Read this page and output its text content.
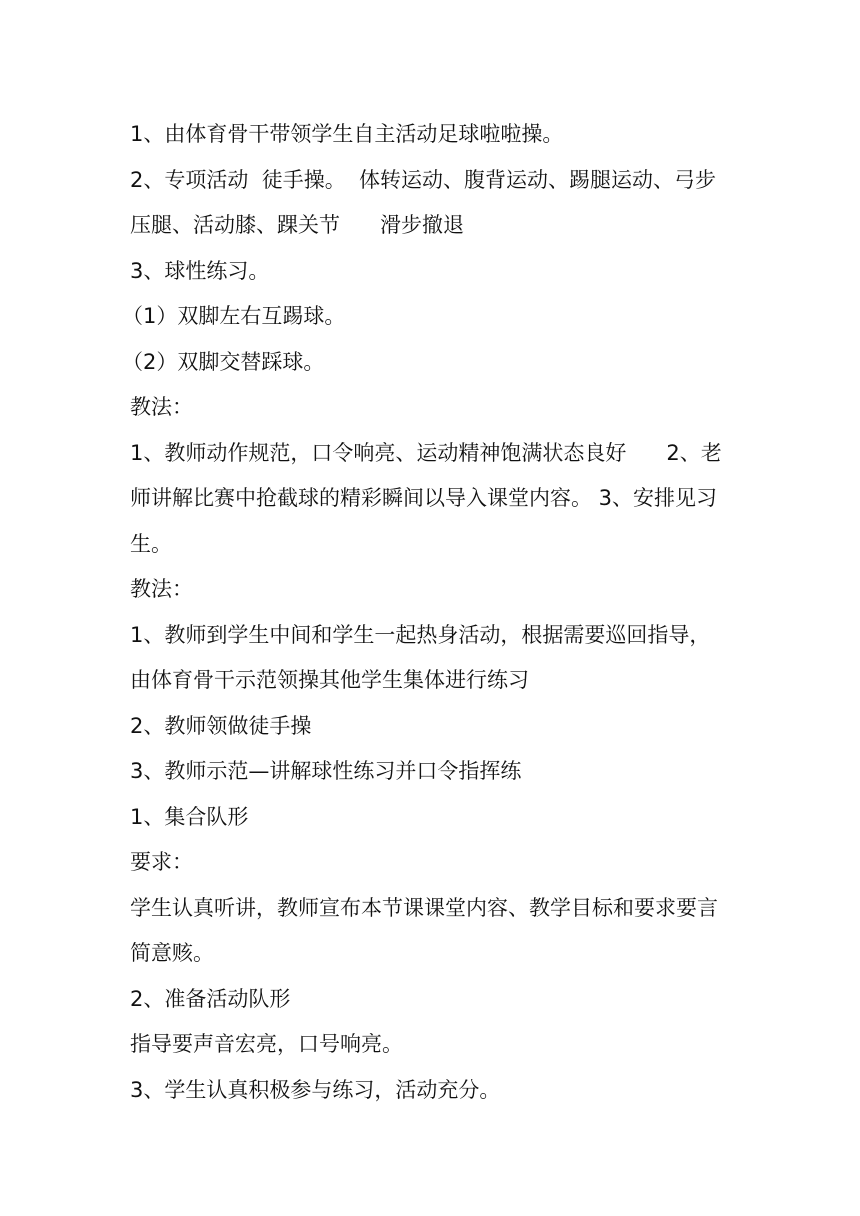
1、由体育骨干带领学生自主活动足球啦啦操。

2、专项活动  徒手操。  体转运动、腹背运动、踢腿运动、弓步

压腿、活动膝、踝关节      滑步撤退

3、球性练习。

（1）双脚左右互踢球。

（2）双脚交替踩球。

教法：

1、教师动作规范，口令响亮、运动精神饱满状态良好      2、老

师讲解比赛中抢截球的精彩瞬间以导入课堂内容。 3、安排见习

生。

教法：

1、教师到学生中间和学生一起热身活动，根据需要巡回指导，

由体育骨干示范领操其他学生集体进行练习

2、教师领做徒手操

3、教师示范—讲解球性练习并口令指挥练

1、集合队形

要求：

学生认真听讲，教师宣布本节课课堂内容、教学目标和要求要言

简意赅。

2、准备活动队形

指导要声音宏亮，口号响亮。

3、学生认真积极参与练习，活动充分。
